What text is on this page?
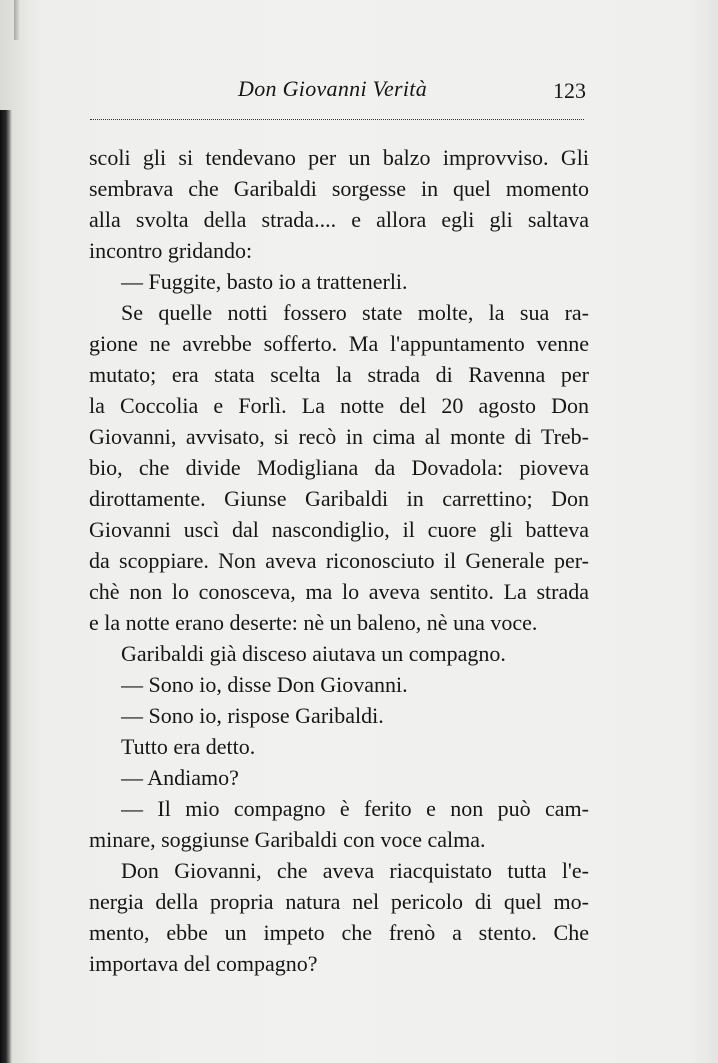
Don Giovanni Verità	123
scoli gli si tendevano per un balzo improvviso. Gli
sembrava che Garibaldi sorgesse in quel momento
alla svolta della strada.... e allora egli gli saltava
incontro gridando:
— Fuggite, basto io a trattenerli.
Se quelle notti fossero state molte, la sua ra-
gione ne avrebbe sofferto. Ma l'appuntamento venne
mutato; era stata scelta la strada di Ravenna per
la Coccolia e Forlì. La notte del 20 agosto Don
Giovanni, avvisato, si recò in cima al monte di Treb-
bio, che divide Modigliana da Dovadola: pioveva
dirottamente. Giunse Garibaldi in carrettino; Don
Giovanni uscì dal nascondiglio, il cuore gli batteva
da scoppiare. Non aveva riconosciuto il Generale per-
chè non lo conosceva, ma lo aveva sentito. La strada
e la notte erano deserte: nè un baleno, nè una voce.
Garibaldi già disceso aiutava un compagno.
— Sono io, disse Don Giovanni.
— Sono io, rispose Garibaldi.
Tutto era detto.
— Andiamo?
— Il mio compagno è ferito e non può cam-
minare, soggiunse Garibaldi con voce calma.
Don Giovanni, che aveva riacquistato tutta l'e-
nergia della propria natura nel pericolo di quel mo-
mento, ebbe un impeto che frenò a stento. Che
importava del compagno?
